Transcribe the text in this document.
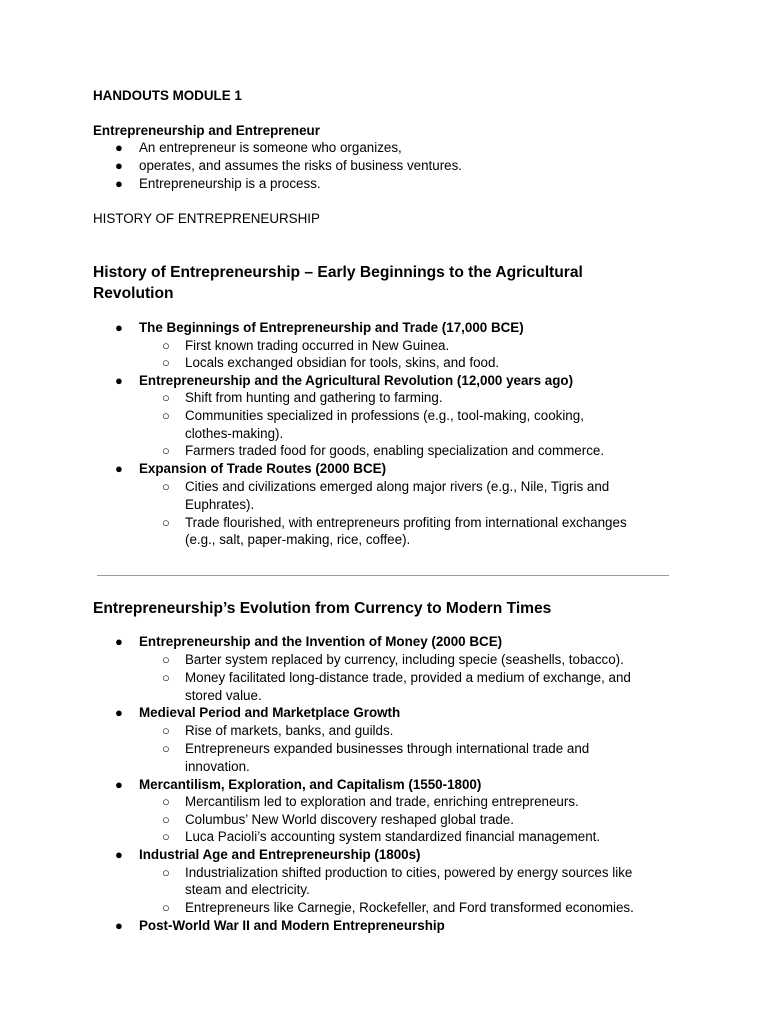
HANDOUTS MODULE 1
Entrepreneurship and Entrepreneur
● An entrepreneur is someone who organizes,
● operates, and assumes the risks of business ventures.
● Entrepreneurship is a process.
HISTORY OF ENTREPRENEURSHIP
History of Entrepreneurship – Early Beginnings to the Agricultural
Revolution
● The Beginnings of Entrepreneurship and Trade (17,000 BCE)
○ First known trading occurred in New Guinea.
○ Locals exchanged obsidian for tools, skins, and food.
● Entrepreneurship and the Agricultural Revolution (12,000 years ago)
○ Shift from hunting and gathering to farming.
○ Communities specialized in professions (e.g., tool-making, cooking,
clothes-making).
○ Farmers traded food for goods, enabling specialization and commerce.
● Expansion of Trade Routes (2000 BCE)
○ Cities and civilizations emerged along major rivers (e.g., Nile, Tigris and
Euphrates).
○ Trade flourished, with entrepreneurs profiting from international exchanges
(e.g., salt, paper-making, rice, coffee).
Entrepreneurship’s Evolution from Currency to Modern Times
● Entrepreneurship and the Invention of Money (2000 BCE)
○ Barter system replaced by currency, including specie (seashells, tobacco).
○ Money facilitated long-distance trade, provided a medium of exchange, and
stored value.
● Medieval Period and Marketplace Growth
○ Rise of markets, banks, and guilds.
○ Entrepreneurs expanded businesses through international trade and
innovation.
● Mercantilism, Exploration, and Capitalism (1550-1800)
○ Mercantilism led to exploration and trade, enriching entrepreneurs.
○ Columbus’ New World discovery reshaped global trade.
○ Luca Pacioli’s accounting system standardized financial management.
● Industrial Age and Entrepreneurship (1800s)
○ Industrialization shifted production to cities, powered by energy sources like
steam and electricity.
○ Entrepreneurs like Carnegie, Rockefeller, and Ford transformed economies.
● Post-World War II and Modern Entrepreneurship
